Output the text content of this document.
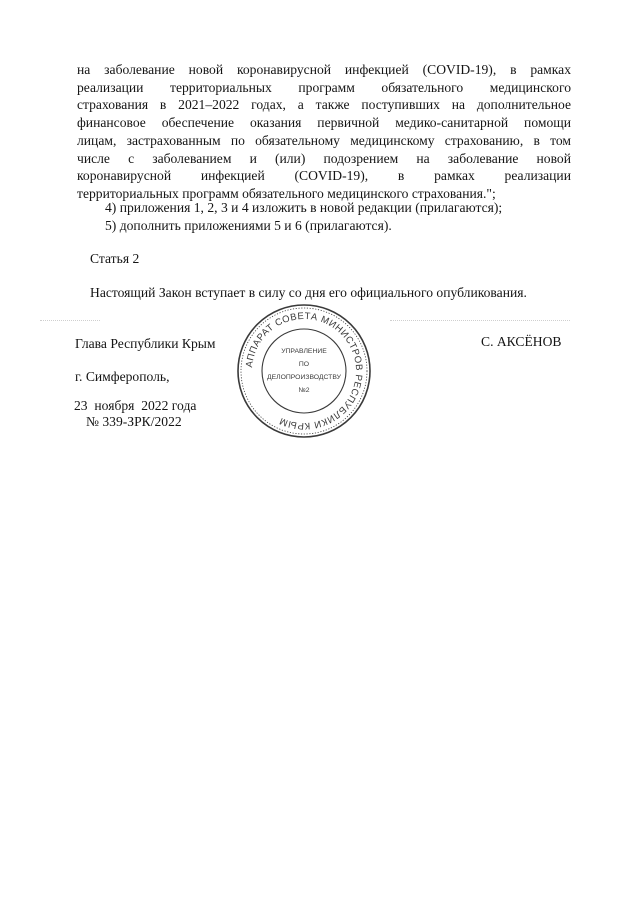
на заболевание новой коронавирусной инфекцией (COVID-19), в рамках
реализации территориальных программ обязательного медицинского
страхования в 2021–2022 годах, а также поступивших на дополнительное
финансовое обеспечение оказания первичной медико-санитарной помощи
лицам, застрахованным по обязательному медицинскому страхованию, в том
числе с заболеванием и (или) подозрением на заболевание новой
коронавирусной инфекцией (COVID-19), в рамках реализации
территориальных программ обязательного медицинского страхования.";

4) приложения 1, 2, 3 и 4 изложить в новой редакции (прилагаются);

5) дополнить приложениями 5 и 6 (прилагаются).

Статья 2

Настоящий Закон вступает в силу со дня его официального опубликования.

Глава Республики Крым	С. АКСЁНОВ

АППАРАТ СОВЕТА МИНИСТРОВ РЕСПУБЛИКИ КРЫМ
УПРАВЛЕНИЕ
ПО
ДЕЛОПРОИЗВОДСТВУ
№2

г. Симферополь,

23  ноября  2022 года

№ 339-ЗРК/2022
